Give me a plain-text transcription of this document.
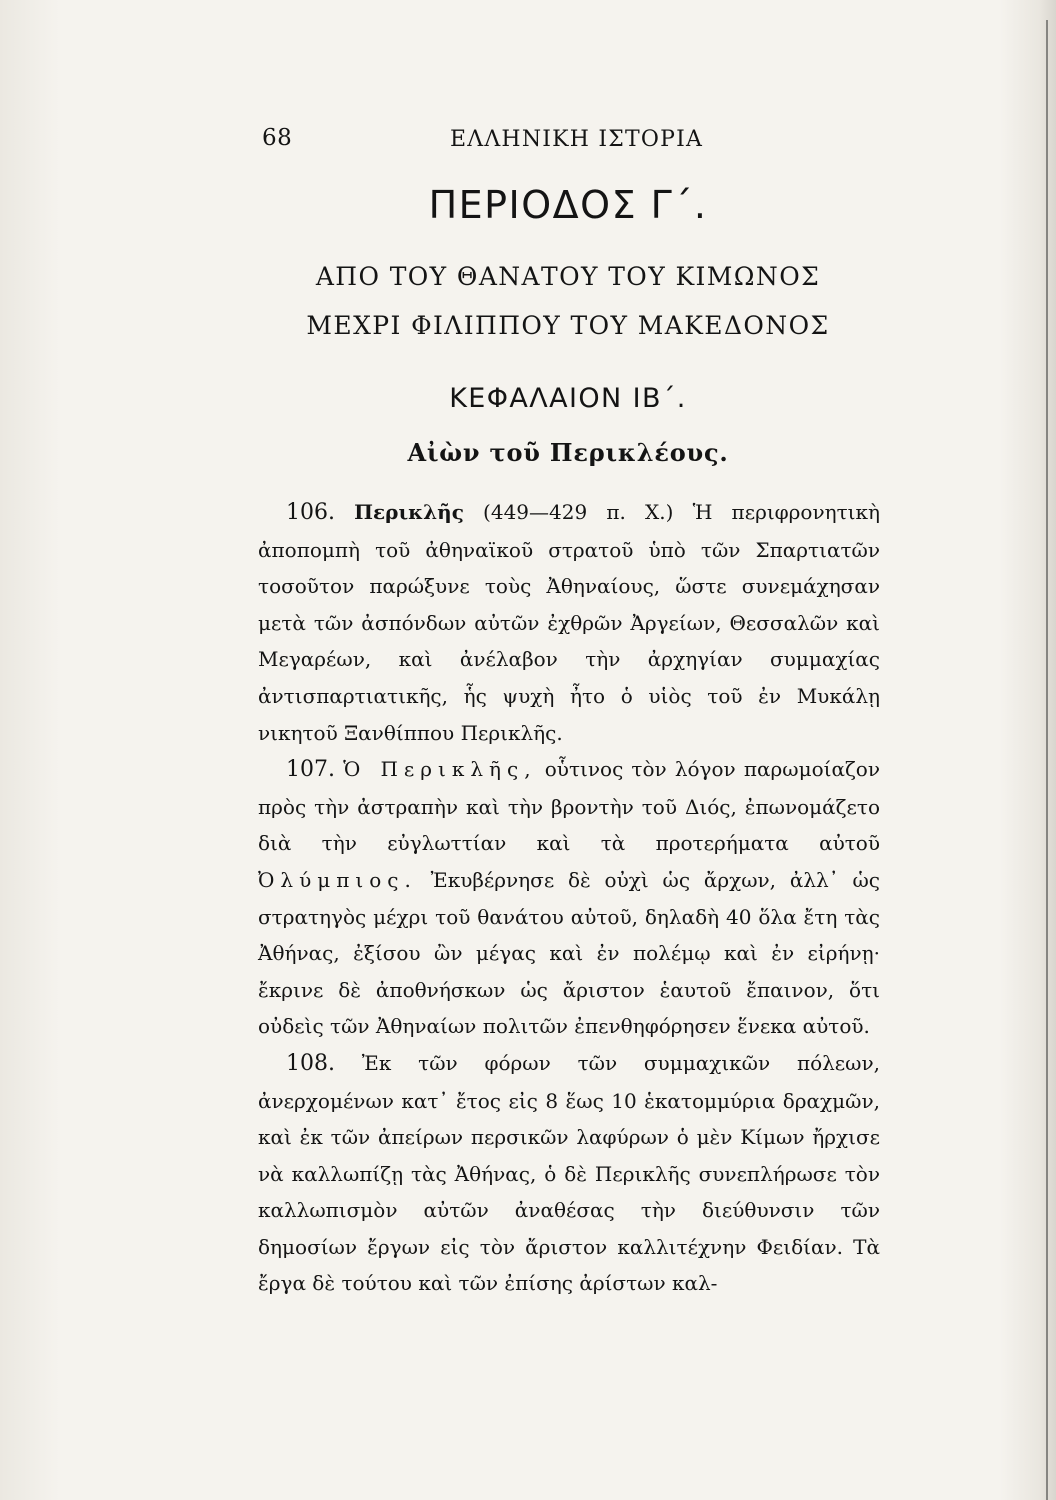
68	ΕΛΛΗΝΙΚΗ ΙΣΤΟΡΙΑ
ΠΕΡΙΟΔΟΣ Γ΄.
ΑΠΟ ΤΟΥ ΘΑΝΑΤΟΥ ΤΟΥ ΚΙΜΩΝΟΣ
ΜΕΧΡΙ ΦΙΛΙΠΠΟΥ ΤΟΥ ΜΑΚΕΔΟΝΟΣ
ΚΕΦΑΛΑΙΟΝ ΙΒ΄.
Αἰὼν τοῦ Περικλέους.

106. Περικλῆς (449—429 π. Χ.) Ἡ περιφρονητικὴ ἀποπομπὴ τοῦ ἀθηναϊκοῦ στρατοῦ ὑπὸ τῶν Σπαρτιατῶν τοσοῦτον παρώξυνε τοὺς Ἀθηναίους, ὥστε συνεμάχησαν μετὰ τῶν ἀσπόνδων αὐτῶν ἐχθρῶν Ἀργείων, Θεσσαλῶν καὶ Μεγαρέων, καὶ ἀνέλαβον τὴν ἀρχηγίαν συμμαχίας ἀντισπαρτιατικῆς, ἧς ψυχὴ ἦτο ὁ υἱὸς τοῦ ἐν Μυκάλῃ νικητοῦ Ξανθίππου Περικλῆς.

107. Ὁ Περικλῆς, οὗτινος τὸν λόγον παρωμοίαζον πρὸς τὴν ἀστραπὴν καὶ τὴν βροντὴν τοῦ Διός, ἐπωνομάζετο διὰ τὴν εὐγλωττίαν καὶ τὰ προτερήματα αὐτοῦ Ὀλύμπιος. Ἐκυβέρνησε δὲ οὐχὶ ὡς ἄρχων, ἀλλ᾽ ὡς στρατηγὸς μέχρι τοῦ θανάτου αὐτοῦ, δηλαδὴ 40 ὅλα ἔτη τὰς Ἀθήνας, ἐξίσου ὢν μέγας καὶ ἐν πολέμῳ καὶ ἐν εἰρήνῃ· ἔκρινε δὲ ἀποθνήσκων ὡς ἄριστον ἑαυτοῦ ἔπαινον, ὅτι οὐδεὶς τῶν Ἀθηναίων πολιτῶν ἐπενθηφόρησεν ἕνεκα αὐτοῦ.

108. Ἐκ τῶν φόρων τῶν συμμαχικῶν πόλεων, ἀνερχομένων κατ᾽ ἔτος εἰς 8 ἕως 10 ἑκατομμύρια δραχμῶν, καὶ ἐκ τῶν ἀπείρων περσικῶν λαφύρων ὁ μὲν Κίμων ἤρχισε νὰ καλλωπίζῃ τὰς Ἀθήνας, ὁ δὲ Περικλῆς συνεπλήρωσε τὸν καλλωπισμὸν αὐτῶν ἀναθέσας τὴν διεύθυνσιν τῶν δημοσίων ἔργων εἰς τὸν ἄριστον καλλιτέχνην Φειδίαν. Τὰ ἔργα δὲ τούτου καὶ τῶν ἐπίσης ἀρίστων καλ-
